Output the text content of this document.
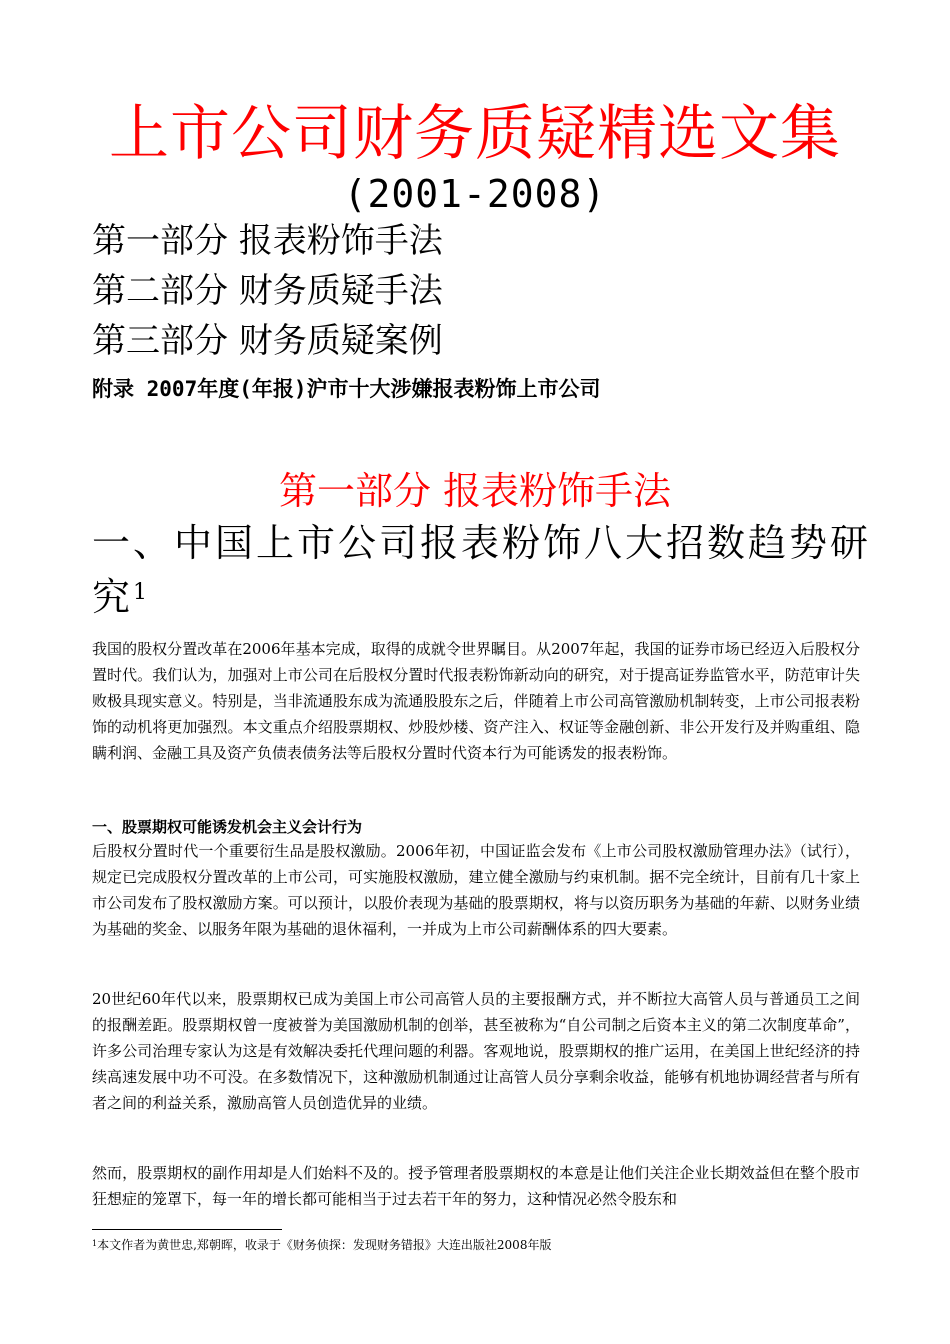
上市公司财务质疑精选文集
(2001-2008)
第一部分 报表粉饰手法
第二部分 财务质疑手法
第三部分 财务质疑案例
附录 2007年度(年报)沪市十大涉嫌报表粉饰上市公司
第一部分 报表粉饰手法
一、中国上市公司报表粉饰八大招数趋势研究$^1$
我国的股权分置改革在2006年基本完成，取得的成就令世界瞩目。从2007年起，我国的证券市场已经迈入后股权分置时代。我们认为，加强对上市公司在后股权分置时代报表粉饰新动向的研究，对于提高证券监管水平，防范审计失败极具现实意义。特别是，当非流通股东成为流通股股东之后，伴随着上市公司高管激励机制转变，上市公司报表粉饰的动机将更加强烈。本文重点介绍股票期权、炒股炒楼、资产注入、权证等金融创新、非公开发行及并购重组、隐瞒利润、金融工具及资产负债表债务法等后股权分置时代资本行为可能诱发的报表粉饰。
一、股票期权可能诱发机会主义会计行为
后股权分置时代一个重要衍生品是股权激励。2006年初，中国证监会发布《上市公司股权激励管理办法》（试行），规定已完成股权分置改革的上市公司，可实施股权激励，建立健全激励与约束机制。据不完全统计，目前有几十家上市公司发布了股权激励方案。可以预计，以股价表现为基础的股票期权，将与以资历职务为基础的年薪、以财务业绩为基础的奖金、以服务年限为基础的退休福利，一并成为上市公司薪酬体系的四大要素。
20世纪60年代以来，股票期权已成为美国上市公司高管人员的主要报酬方式，并不断拉大高管人员与普通员工之间的报酬差距。股票期权曾一度被誉为美国激励机制的创举，甚至被称为“自公司制之后资本主义的第二次制度革命”，许多公司治理专家认为这是有效解决委托代理问题的利器。客观地说，股票期权的推广运用，在美国上世纪经济的持续高速发展中功不可没。在多数情况下，这种激励机制通过让高管人员分享剩余收益，能够有机地协调经营者与所有者之间的利益关系，激励高管人员创造优异的业绩。
然而，股票期权的副作用却是人们始料不及的。授予管理者股票期权的本意是让他们关注企业长期效益但在整个股市狂想症的笼罩下，每一年的增长都可能相当于过去若干年的努力，这种情况必然令股东和
$^1$本文作者为黄世忠,郑朝晖，收录于《财务侦探：发现财务错报》大连出版社2008年版
